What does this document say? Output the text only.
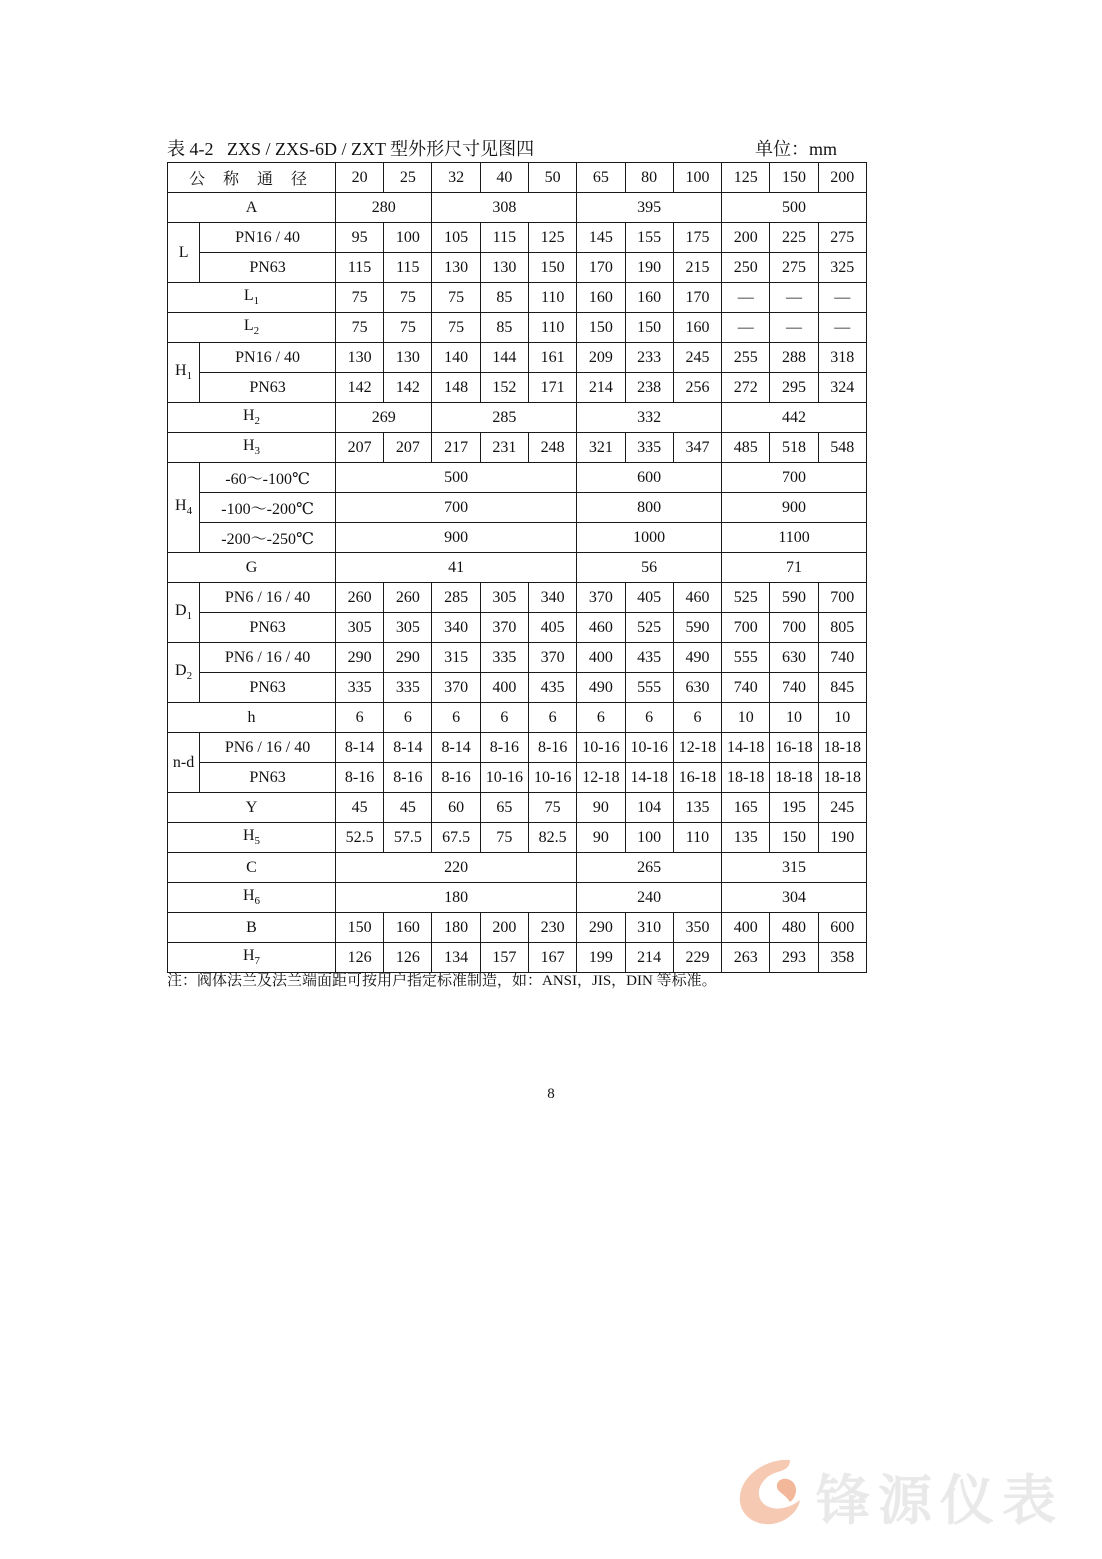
表 4-2   ZXS / ZXS-6D / ZXT 型外形尺寸见图四	单位：mm
公 称 通 径		20	25	32	40	50	65	80	100	125	150	200
A		280		308			395			500		
L	PN16 / 40	95	100	105	115	125	145	155	175	200	225	275
	PN63	115	115	130	130	150	170	190	215	250	275	325
$L_1$		75	75	75	85	110	160	160	170	—	—	—
$L_2$		75	75	75	85	110	150	150	160	—	—	—
$H_1$	PN16 / 40	130	130	140	144	161	209	233	245	255	288	318
	PN63	142	142	148	152	171	214	238	256	272	295	324
$H_2$		269		285			332			442		
$H_3$		207	207	217	231	248	321	335	347	485	518	548
$H_4$	-60～-100℃	500					600			700		
	-100～-200℃	700					800			900		
	-200～-250℃	900					1000			1100		
G		41					56			71		
$D_1$	PN6 / 16 / 40	260	260	285	305	340	370	405	460	525	590	700
	PN63	305	305	340	370	405	460	525	590	700	700	805
$D_2$	PN6 / 16 / 40	290	290	315	335	370	400	435	490	555	630	740
	PN63	335	335	370	400	435	490	555	630	740	740	845
h		6	6	6	6	6	6	6	6	10	10	10
n-d	PN6 / 16 / 40	8-14	8-14	8-14	8-16	8-16	10-16	10-16	12-18	14-18	16-18	18-18
	PN63	8-16	8-16	8-16	10-16	10-16	12-18	14-18	16-18	18-18	18-18	18-18
Y		45	45	60	65	75	90	104	135	165	195	245
$H_5$		52.5	57.5	67.5	75	82.5	90	100	110	135	150	190
C		220					265			315		
$H_6$		180					240			304		
B		150	160	180	200	230	290	310	350	400	480	600
$H_7$		126	126	134	157	167	199	214	229	263	293	358
注：阀体法兰及法兰端面距可按用户指定标准制造，如：ANSI，JIS，DIN 等标准。
8
锋源仪表
